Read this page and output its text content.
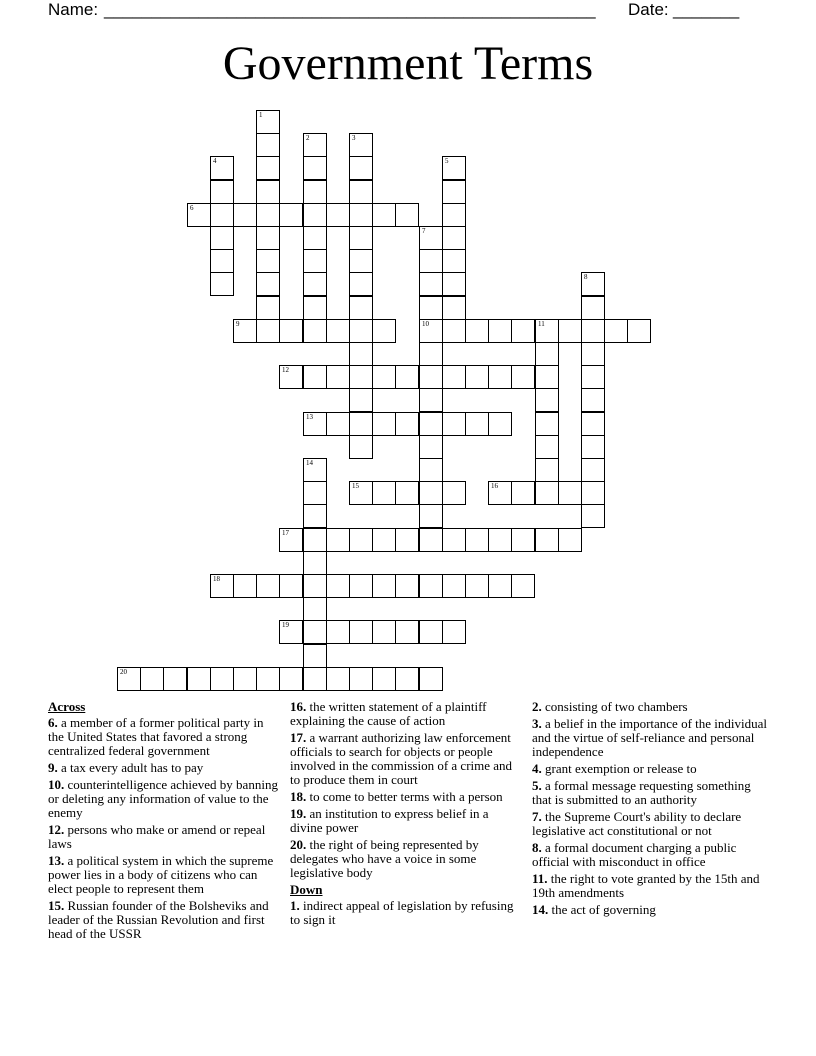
Name: ____________________________________________________ Date: _______
Government Terms
1
2	3
4	5
6
7
10
8
9	11
12
13
14
15	16
17
18
19
20
Across
6. a member of a former political party in the United States that favored a strong centralized federal government
9. a tax every adult has to pay
10. counterintelligence achieved by banning or deleting any information of value to the enemy
12. persons who make or amend or repeal laws
13. a political system in which the supreme power lies in a body of citizens who can elect people to represent them
15. Russian founder of the Bolsheviks and leader of the Russian Revolution and first head of the USSR
16. the written statement of a plaintiff explaining the cause of action
17. a warrant authorizing law enforcement officials to search for objects or people involved in the commission of a crime and to produce them in court
18. to come to better terms with a person
19. an institution to express belief in a divine power
20. the right of being represented by delegates who have a voice in some legislative body
Down
1. indirect appeal of legislation by refusing to sign it
2. consisting of two chambers
3. a belief in the importance of the individual and the virtue of self-reliance and personal independence
4. grant exemption or release to
5. a formal message requesting something that is submitted to an authority
7. the Supreme Court's ability to declare legislative act constitutional or not
8. a formal document charging a public official with misconduct in office
11. the right to vote granted by the 15th and 19th amendments
14. the act of governing
